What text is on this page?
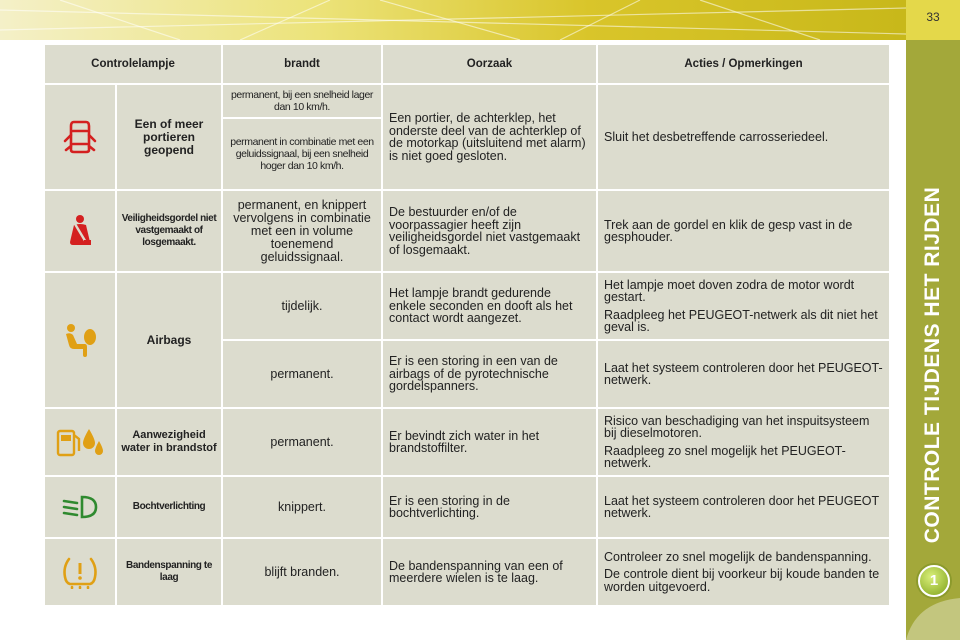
33
CONTROLE TIJDENS HET RIJDEN
1
Controlelampje		brandt	Oorzaak	Acties / Opmerkingen

	Een of meer portieren geopend	permanent, bij een snelheid lager dan 10 km/h.	Een portier, de achterklep, het onderste deel van de achterklep of de motorkap (uitsluitend met alarm) is niet goed gesloten.	Sluit het desbetreffende carrosseriedeel.
		permanent in combinatie met een geluidssignaal, bij een snelheid hoger dan 10 km/h.		

	Veiligheidsgordel niet vastgemaakt of losgemaakt.	permanent, en knippert vervolgens in combinatie met een in volume toenemend geluidssignaal.	De bestuurder en/of de voorpassagier heeft zijn veiligheidsgordel niet vastgemaakt of losgemaakt.	Trek aan de gordel en klik de gesp vast in de gesphouder.

	Airbags	tijdelijk.	Het lampje brandt gedurende enkele seconden en dooft als het contact wordt aangezet.	Het lampje moet doven zodra de motor wordt gestart.

Raadpleeg het PEUGEOT-netwerk als dit niet het geval is.

		permanent.	Er is een storing in een van de airbags of de pyrotechnische gordelspanners.	Laat het systeem controleren door het PEUGEOT-netwerk.

	Aanwezigheid water in brandstof	permanent.	Er bevindt zich water in het brandstoffilter.	Risico van beschadiging van het inspuitsysteem bij dieselmotoren.

Raadpleeg zo snel mogelijk het PEUGEOT-netwerk.

	Bochtverlichting	knippert.	Er is een storing in de bochtverlichting.	Laat het systeem controleren door het PEUGEOT netwerk.

	Bandenspanning te laag	blijft branden.	De bandenspanning van een of meerdere wielen is te laag.	Controleer zo snel mogelijk de bandenspanning.

De controle dient bij voorkeur bij koude banden te worden uitgevoerd.
